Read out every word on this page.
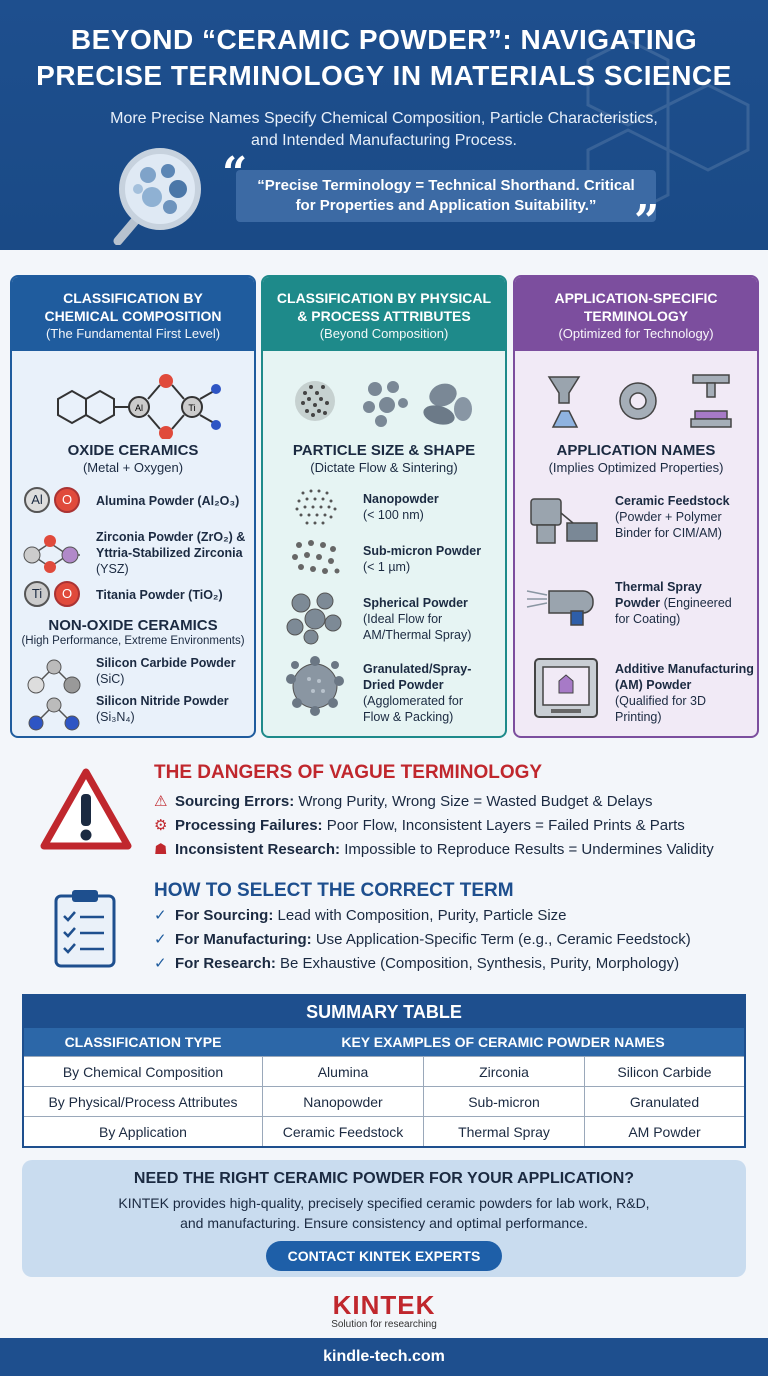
BEYOND “CERAMIC POWDER”: NAVIGATING
PRECISE TERMINOLOGY IN MATERIALS SCIENCE
More Precise Names Specify Chemical Composition, Particle Characteristics,
and Intended Manufacturing Process.
“
”
“Precise Terminology = Technical Shorthand. Critical
for Properties and Application Suitability.”
CLASSIFICATION BY
CHEMICAL COMPOSITION
(The Fundamental First Level)
Al	Ti
OXIDE CERAMICS
(Metal + Oxygen)
Al	O	Alumina Powder (Al₂O₃)
Zirconia Powder (ZrO₂) &
Yttria-Stabilized Zirconia
(YSZ)
Ti	O	Titania Powder (TiO₂)
NON-OXIDE CERAMICS
(High Performance, Extreme Environments)
Silicon Carbide Powder
(SiC)
Silicon Nitride Powder
(Si₃N₄)
CLASSIFICATION BY PHYSICAL
& PROCESS ATTRIBUTES
(Beyond Composition)
PARTICLE SIZE & SHAPE
(Dictate Flow & Sintering)
Nanopowder
(< 100 nm)
Sub-micron Powder
(< 1 µm)
Spherical Powder
(Ideal Flow for
AM/Thermal Spray)
Granulated/Spray-
Dried Powder
(Agglomerated for
Flow & Packing)
APPLICATION-SPECIFIC
TERMINOLOGY
(Optimized for Technology)
APPLICATION NAMES
(Implies Optimized Properties)
Ceramic Feedstock
(Powder + Polymer
Binder for CIM/AM)
Thermal Spray
Powder (Engineered
for Coating)
Additive Manufacturing
(AM) Powder
(Qualified for 3D
Printing)
THE DANGERS OF VAGUE TERMINOLOGY
⚠ Sourcing Errors: Wrong Purity, Wrong Size = Wasted Budget & Delays
⚙ Processing Failures: Poor Flow, Inconsistent Layers = Failed Prints & Parts
☗ Inconsistent Research: Impossible to Reproduce Results = Undermines Validity
HOW TO SELECT THE CORRECT TERM
✓ For Sourcing: Lead with Composition, Purity, Particle Size
✓ For Manufacturing: Use Application-Specific Term (e.g., Ceramic Feedstock)
✓ For Research: Be Exhaustive (Composition, Synthesis, Purity, Morphology)
SUMMARY TABLE
CLASSIFICATION TYPE	KEY EXAMPLES OF CERAMIC POWDER NAMES
By Chemical Composition	Alumina	Zirconia	Silicon Carbide
By Physical/Process Attributes	Nanopowder	Sub-micron	Granulated
By Application	Ceramic Feedstock	Thermal Spray	AM Powder
NEED THE RIGHT CERAMIC POWDER FOR YOUR APPLICATION?
KINTEK provides high-quality, precisely specified ceramic powders for lab work, R&D,
and manufacturing. Ensure consistency and optimal performance.
CONTACT KINTEK EXPERTS
KINTEK
Solution for researching
kindle-tech.com
